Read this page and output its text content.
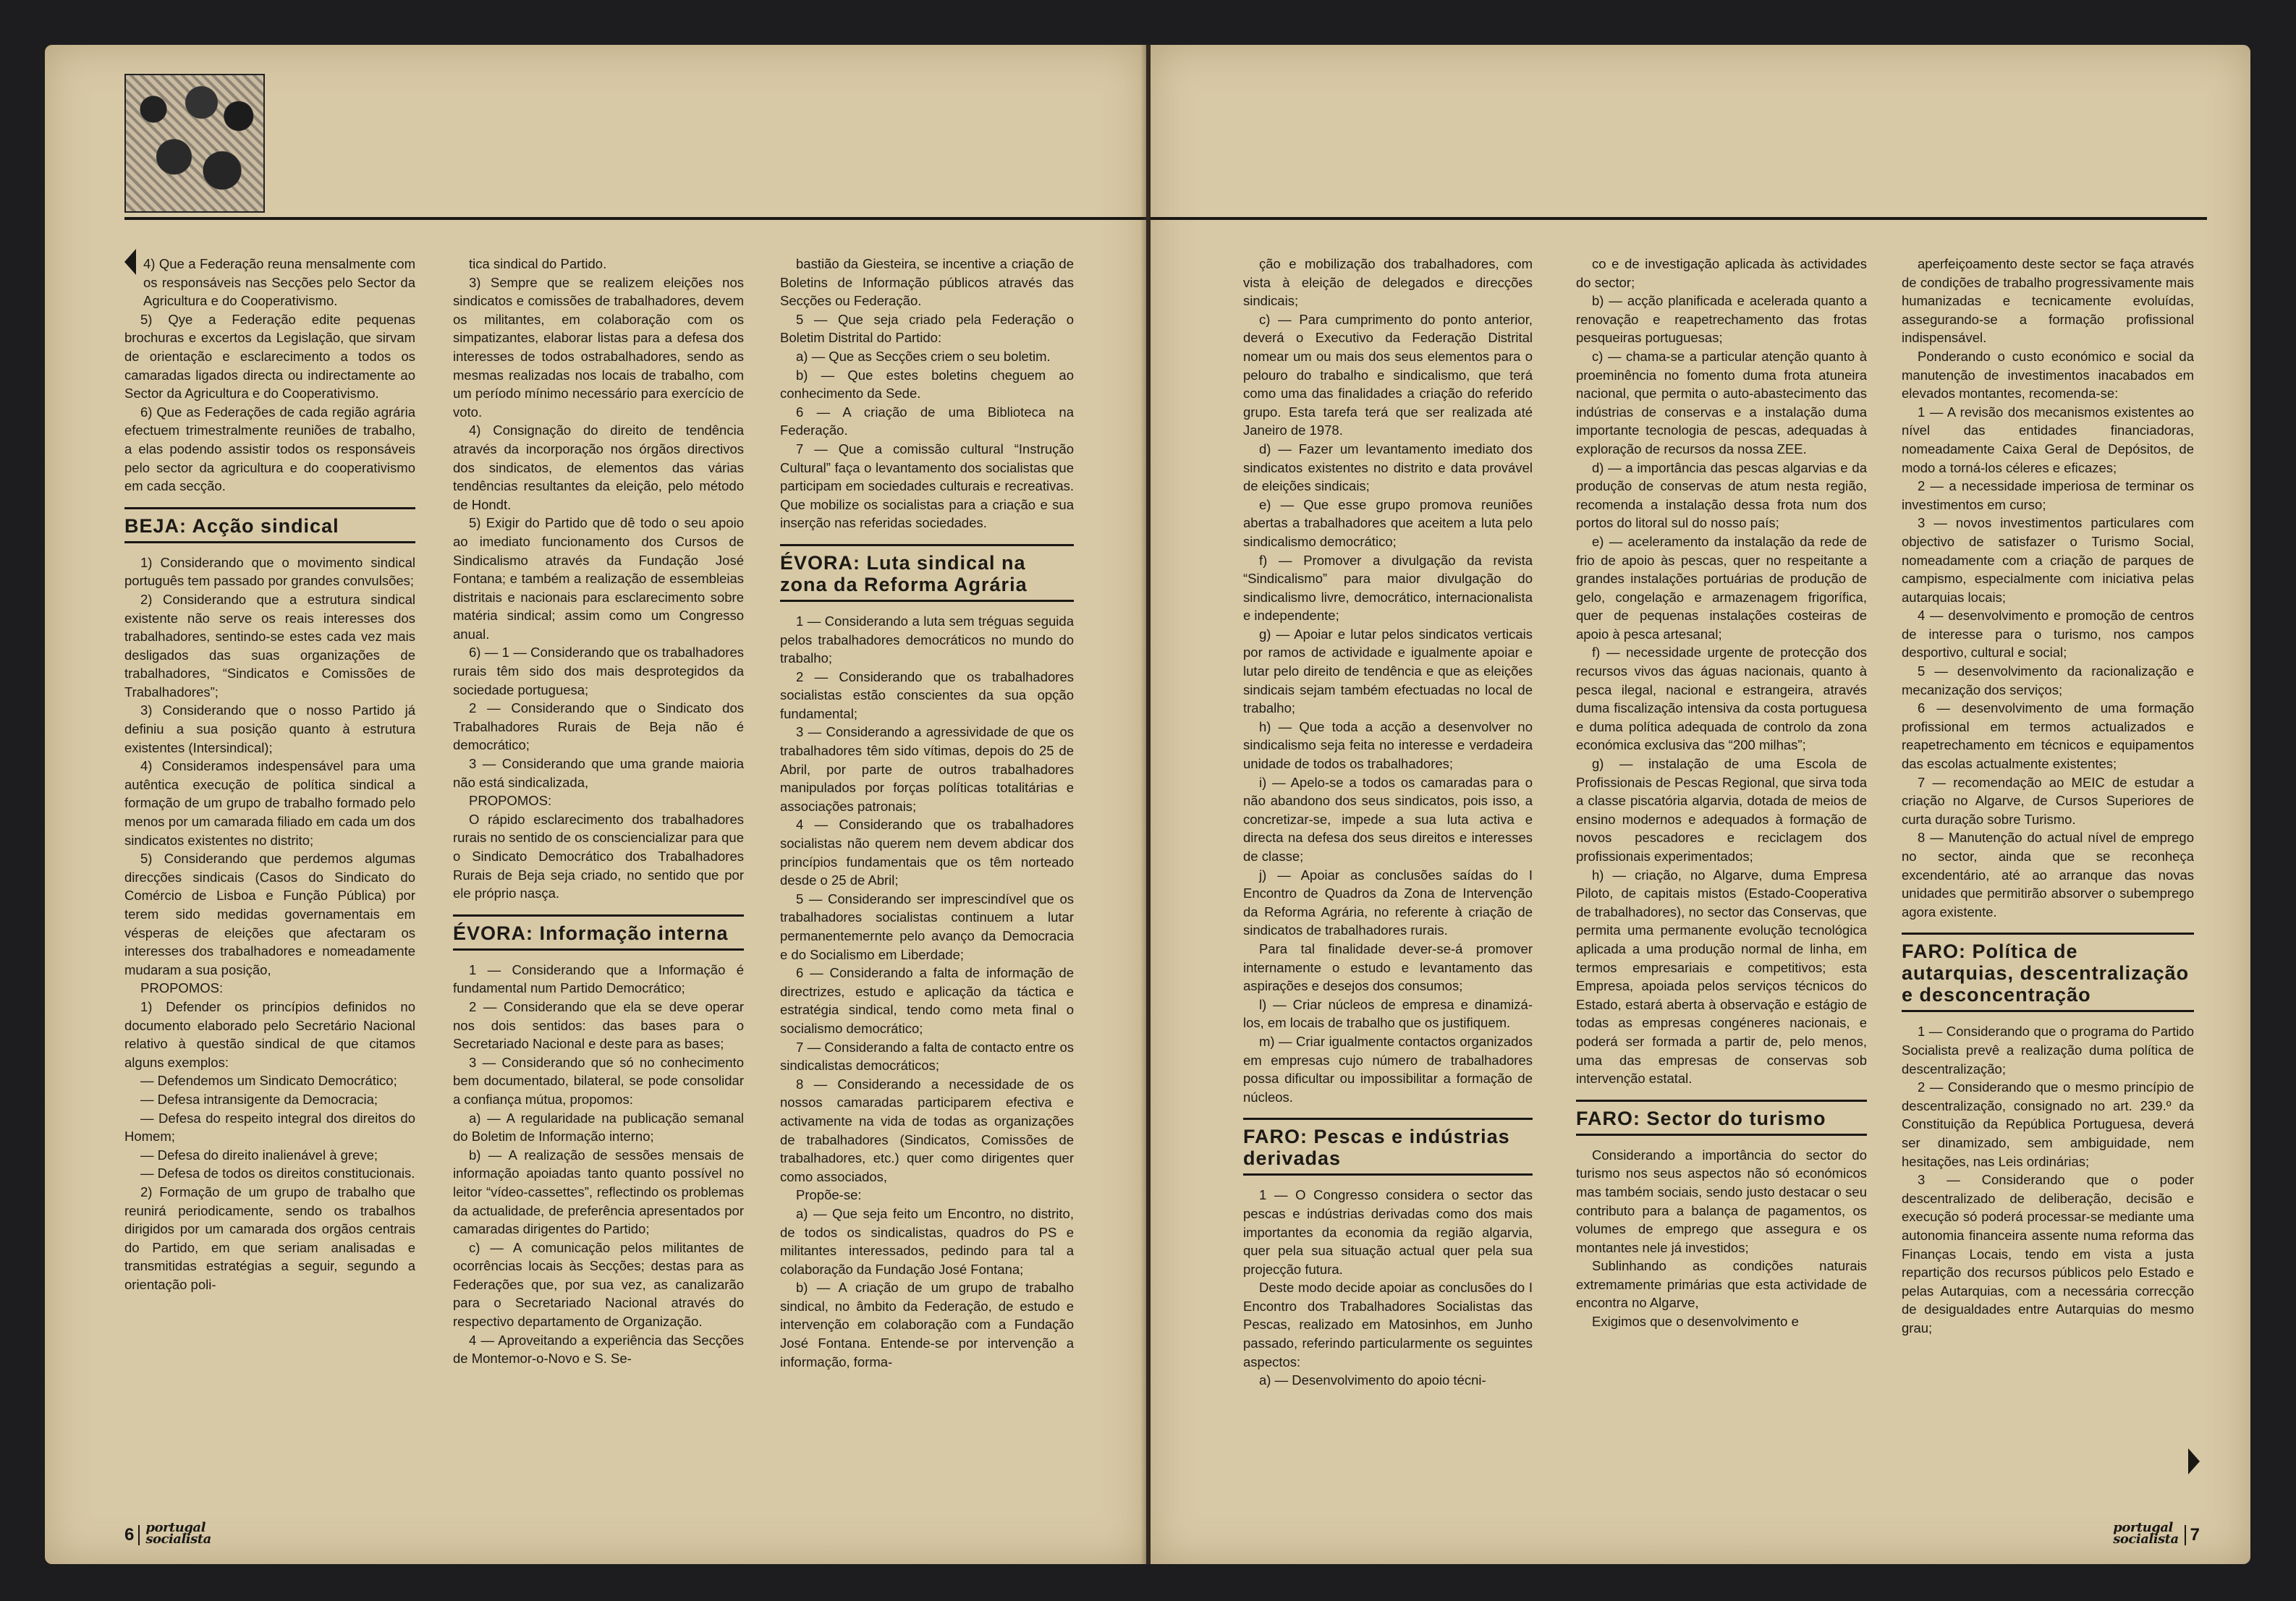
4) Que a Federação reuna mensalmente com os responsáveis nas Secções pelo Sector da Agricultura e do Cooperativismo.

5) Qye a Federação edite pequenas brochuras e excertos da Legislação, que sirvam de orientação e esclarecimento a todos os camaradas ligados directa ou indirectamente ao Sector da Agricultura e do Cooperativismo.

6) Que as Federações de cada região agrária efectuem trimestralmente reuniões de trabalho, a elas podendo assistir todos os responsáveis pelo sector da agricultura e do cooperativismo em cada secção.

BEJA: Acção sindical

1) Considerando que o movimento sindical português tem passado por grandes convulsões;

2) Considerando que a estrutura sindical existente não serve os reais interesses dos trabalhadores, sentindo-se estes cada vez mais desligados das suas organizações de trabalhadores, “Sindicatos e Comissões de Trabalhadores”;

3) Considerando que o nosso Partido já definiu a sua posição quanto à estrutura existentes (Intersindical);

4) Consideramos indespensável para uma autêntica execução de política sindical a formação de um grupo de trabalho formado pelo menos por um camarada filiado em cada um dos sindicatos existentes no distrito;

5) Considerando que perdemos algumas direcções sindicais (Casos do Sindicato do Comércio de Lisboa e Função Pública) por terem sido medidas governamentais em vésperas de eleições que afectaram os interesses dos trabalhadores e nomeadamente mudaram a sua posição,

PROPOMOS:

1) Defender os princípios definidos no documento elaborado pelo Secretário Nacional relativo à questão sindical de que citamos alguns exemplos:

— Defendemos um Sindicato Democrático;

— Defesa intransigente da Democracia;

— Defesa do respeito integral dos direitos do Homem;

— Defesa do direito inalienável à greve;

— Defesa de todos os direitos constitucionais.

2) Formação de um grupo de trabalho que reunirá periodicamente, sendo os trabalhos dirigidos por um camarada dos orgãos centrais do Partido, em que seriam analisadas e transmitidas estratégias a seguir, segundo a orientação poli-

tica sindical do Partido.

3) Sempre que se realizem eleições nos sindicatos e comissões de trabalhadores, devem os militantes, em colaboração com os simpatizantes, elaborar listas para a defesa dos interesses de todos ostrabalhadores, sendo as mesmas realizadas nos locais de trabalho, com um período mínimo necessário para exercício de voto.

4) Consignação do direito de tendência através da incorporação nos órgãos directivos dos sindicatos, de elementos das várias tendências resultantes da eleição, pelo método de Hondt.

5) Exigir do Partido que dê todo o seu apoio ao imediato funcionamento dos Cursos de Sindicalismo através da Fundação José Fontana; e também a realização de essembleias distritais e nacionais para esclarecimento sobre matéria sindical; assim como um Congresso anual.

6) — 1 — Considerando que os trabalhadores rurais têm sido dos mais desprotegidos da sociedade portuguesa;

2 — Considerando que o Sindicato dos Trabalhadores Rurais de Beja não é democrático;

3 — Considerando que uma grande maioria não está sindicalizada,

PROPOMOS:

O rápido esclarecimento dos trabalhadores rurais no sentido de os consciencializar para que o Sindicato Democrático dos Trabalhadores Rurais de Beja seja criado, no sentido que por ele próprio nasça.

ÉVORA: Informação interna

1 — Considerando que a Informação é fundamental num Partido Democrático;

2 — Considerando que ela se deve operar nos dois sentidos: das bases para o Secretariado Nacional e deste para as bases;

3 — Considerando que só no conhecimento bem documentado, bilateral, se pode consolidar a confiança mútua, propomos:

a) — A regularidade na publicação semanal do Boletim de Informação interno;

b) — A realização de sessões mensais de informação apoiadas tanto quanto possível no leitor “vídeo-cassettes”, reflectindo os problemas da actualidade, de preferência apresentados por camaradas dirigentes do Partido;

c) — A comunicação pelos militantes de ocorrências locais às Secções; destas para as Federações que, por sua vez, as canalizarão para o Secretariado Nacional através do respectivo departamento de Organização.

4 — Aproveitando a experiência das Secções de Montemor-o-Novo e S. Se-

bastião da Giesteira, se incentive a criação de Boletins de Informação públicos através das Secções ou Federação.

5 — Que seja criado pela Federação o Boletim Distrital do Partido:

a) — Que as Secções criem o seu boletim.

b) — Que estes boletins cheguem ao conhecimento da Sede.

6 — A criação de uma Biblioteca na Federação.

7 — Que a comissão cultural “Instrução Cultural” faça o levantamento dos socialistas que participam em sociedades culturais e recreativas. Que mobilize os socialistas para a criação e sua inserção nas referidas sociedades.

ÉVORA: Luta sindical na zona da Reforma Agrária

1 — Considerando a luta sem tréguas seguida pelos trabalhadores democráticos no mundo do trabalho;

2 — Considerando que os trabalhadores socialistas estão conscientes da sua opção fundamental;

3 — Considerando a agressividade de que os trabalhadores têm sido vítimas, depois do 25 de Abril, por parte de outros trabalhadores manipulados por forças políticas totalitárias e associações patronais;

4 — Considerando que os trabalhadores socialistas não querem nem devem abdicar dos princípios fundamentais que os têm norteado desde o 25 de Abril;

5 — Considerando ser imprescindível que os trabalhadores socialistas continuem a lutar permanentemernte pelo avanço da Democracia e do Socialismo em Liberdade;

6 — Considerando a falta de informação de directrizes, estudo e aplicação da táctica e estratégia sindical, tendo como meta final o socialismo democrático;

7 — Considerando a falta de contacto entre os sindicalistas democráticos;

8 — Considerando a necessidade de os nossos camaradas participarem efectiva e activamente na vida de todas as organizações de trabalhadores (Sindicatos, Comissões de trabalhadores, etc.) quer como dirigentes quer como associados,

Propõe-se:

a) — Que seja feito um Encontro, no distrito, de todos os sindicalistas, quadros do PS e militantes interessados, pedindo para tal a colaboração da Fundação José Fontana;

b) — A criação de um grupo de trabalho sindical, no âmbito da Federação, de estudo e intervenção em colaboração com a Fundação José Fontana. Entende-se por intervenção a informação, forma-

6 portugal
socialista

ção e mobilização dos trabalhadores, com vista à eleição de delegados e direcções sindicais;

c) — Para cumprimento do ponto anterior, deverá o Executivo da Federação Distrital nomear um ou mais dos seus elementos para o pelouro do trabalho e sindicalismo, que terá como uma das finalidades a criação do referido grupo. Esta tarefa terá que ser realizada até Janeiro de 1978.

d) — Fazer um levantamento imediato dos sindicatos existentes no distrito e data provável de eleições sindicais;

e) — Que esse grupo promova reuniões abertas a trabalhadores que aceitem a luta pelo sindicalismo democrático;

f) — Promover a divulgação da revista “Sindicalismo” para maior divulgação do sindicalismo livre, democrático, internacionalista e independente;

g) — Apoiar e lutar pelos sindicatos verticais por ramos de actividade e igualmente apoiar e lutar pelo direito de tendência e que as eleições sindicais sejam também efectuadas no local de trabalho;

h) — Que toda a acção a desenvolver no sindicalismo seja feita no interesse e verdadeira unidade de todos os trabalhadores;

i) — Apelo-se a todos os camaradas para o não abandono dos seus sindicatos, pois isso, a concretizar-se, impede a sua luta activa e directa na defesa dos seus direitos e interesses de classe;

j) — Apoiar as conclusões saídas do I Encontro de Quadros da Zona de Intervenção da Reforma Agrária, no referente à criação de sindicatos de trabalhadores rurais.

Para tal finalidade dever-se-á promover internamente o estudo e levantamento das aspirações e desejos dos consumos;

l) — Criar núcleos de empresa e dinamizá-los, em locais de trabalho que os justifiquem.

m) — Criar igualmente contactos organizados em empresas cujo número de trabalhadores possa dificultar ou impossibilitar a formação de núcleos.

FARO: Pescas e indústrias derivadas

1 — O Congresso considera o sector das pescas e indústrias derivadas como dos mais importantes da economia da região algarvia, quer pela sua situação actual quer pela sua projecção futura.

Deste modo decide apoiar as conclusões do I Encontro dos Trabalhadores Socialistas das Pescas, realizado em Matosinhos, em Junho passado, referindo particularmente os seguintes aspectos:

a) — Desenvolvimento do apoio técni-

co e de investigação aplicada às actividades do sector;

b) — acção planificada e acelerada quanto a renovação e reapetrechamento das frotas pesqueiras portuguesas;

c) — chama-se a particular atenção quanto à proeminência no fomento duma frota atuneira nacional, que permita o auto-abastecimento das indústrias de conservas e a instalação duma importante tecnologia de pescas, adequadas à exploração de recursos da nossa ZEE.

d) — a importância das pescas algarvias e da produção de conservas de atum nesta região, recomenda a instalação dessa frota num dos portos do litoral sul do nosso país;

e) — aceleramento da instalação da rede de frio de apoio às pescas, quer no respeitante a grandes instalações portuárias de produção de gelo, congelação e armazenagem frigorífica, quer de pequenas instalações costeiras de apoio à pesca artesanal;

f) — necessidade urgente de protecção dos recursos vivos das águas nacionais, quanto à pesca ilegal, nacional e estrangeira, através duma fiscalização intensiva da costa portuguesa e duma política adequada de controlo da zona económica exclusiva das “200 milhas”;

g) — instalação de uma Escola de Profissionais de Pescas Regional, que sirva toda a classe piscatória algarvia, dotada de meios de ensino modernos e adequados à formação de novos pescadores e reciclagem dos profissionais experimentados;

h) — criação, no Algarve, duma Empresa Piloto, de capitais mistos (Estado-Cooperativa de trabalhadores), no sector das Conservas, que permita uma permanente evolução tecnológica aplicada a uma produção normal de linha, em termos empresariais e competitivos; esta Empresa, apoiada pelos serviços técnicos do Estado, estará aberta à observação e estágio de todas as empresas congéneres nacionais, e poderá ser formada a partir de, pelo menos, uma das empresas de conservas sob intervenção estatal.

FARO: Sector do turismo

Considerando a importância do sector do turismo nos seus aspectos não só económicos mas também sociais, sendo justo destacar o seu contributo para a balança de pagamentos, os volumes de emprego que assegura e os montantes nele já investidos;

Sublinhando as condições naturais extremamente primárias que esta actividade de encontra no Algarve,

Exigimos que o desenvolvimento e

aperfeiçoamento deste sector se faça através de condições de trabalho progressivamente mais humanizadas e tecnicamente evoluídas, assegurando-se a formação profissional indispensável.

Ponderando o custo económico e social da manutenção de investimentos inacabados em elevados montantes, recomenda-se:

1 — A revisão dos mecanismos existentes ao nível das entidades financiadoras, nomeadamente Caixa Geral de Depósitos, de modo a torná-los céleres e eficazes;

2 — a necessidade imperiosa de terminar os investimentos em curso;

3 — novos investimentos particulares com objectivo de satisfazer o Turismo Social, nomeadamente com a criação de parques de campismo, especialmente com iniciativa pelas autarquias locais;

4 — desenvolvimento e promoção de centros de interesse para o turismo, nos campos desportivo, cultural e social;

5 — desenvolvimento da racionalização e mecanização dos serviços;

6 — desenvolvimento de uma formação profissional em termos actualizados e reapetrechamento em técnicos e equipamentos das escolas actualmente existentes;

7 — recomendação ao MEIC de estudar a criação no Algarve, de Cursos Superiores de curta duração sobre Turismo.

8 — Manutenção do actual nível de emprego no sector, ainda que se reconheça excendentário, até ao arranque das novas unidades que permitirão absorver o subemprego agora existente.

FARO: Política de autarquias, descentralização e desconcentração

1 — Considerando que o programa do Partido Socialista prevê a realização duma política de descentralização;

2 — Considerando que o mesmo princípio de descentralização, consignado no art. 239.º da Constituição da República Portuguesa, deverá ser dinamizado, sem ambiguidade, nem hesitações, nas Leis ordinárias;

3 — Considerando que o poder descentralizado de deliberação, decisão e execução só poderá processar-se mediante uma autonomia financeira assente numa reforma das Finanças Locais, tendo em vista a justa repartição dos recursos públicos pelo Estado e pelas Autarquias, com a necessária correcção de desigualdades entre Autarquias do mesmo grau;

portugal
socialista 7
